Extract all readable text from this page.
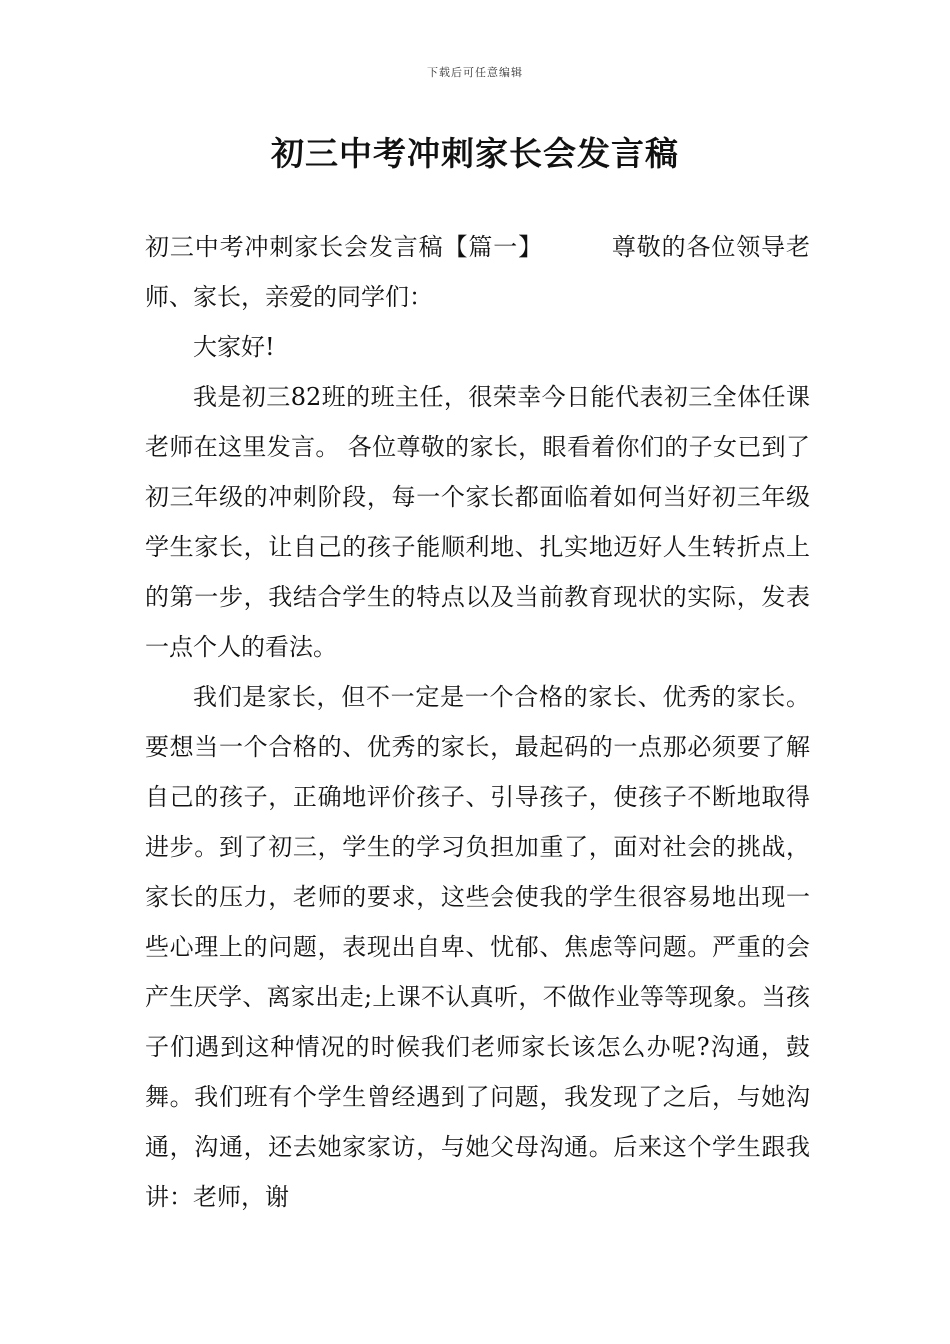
下载后可任意编辑
初三中考冲刺家长会发言稿

初三中考冲刺家长会发言稿【篇一】	尊敬的各位领导老师、家长，亲爱的同学们：

大家好!

我是初三82班的班主任，很荣幸今日能代表初三全体任课老师在这里发言。 各位尊敬的家长，眼看着你们的子女已到了初三年级的冲刺阶段，每一个家长都面临着如何当好初三年级学生家长，让自己的孩子能顺利地、扎实地迈好人生转折点上的第一步，我结合学生的特点以及当前教育现状的实际，发表一点个人的看法。

我们是家长，但不一定是一个合格的家长、优秀的家长。要想当一个合格的、优秀的家长，最起码的一点那必须要了解自己的孩子，正确地评价孩子、引导孩子，使孩子不断地取得进步。到了初三，学生的学习负担加重了，面对社会的挑战，家长的压力，老师的要求，这些会使我的学生很容易地出现一些心理上的问题，表现出自卑、忧郁、焦虑等问题。严重的会产生厌学、离家出走;上课不认真听，不做作业等等现象。当孩子们遇到这种情况的时候我们老师家长该怎么办呢?沟通，鼓舞。我们班有个学生曾经遇到了问题，我发现了之后，与她沟通，沟通，还去她家家访，与她父母沟通。后来这个学生跟我讲：老师，谢
